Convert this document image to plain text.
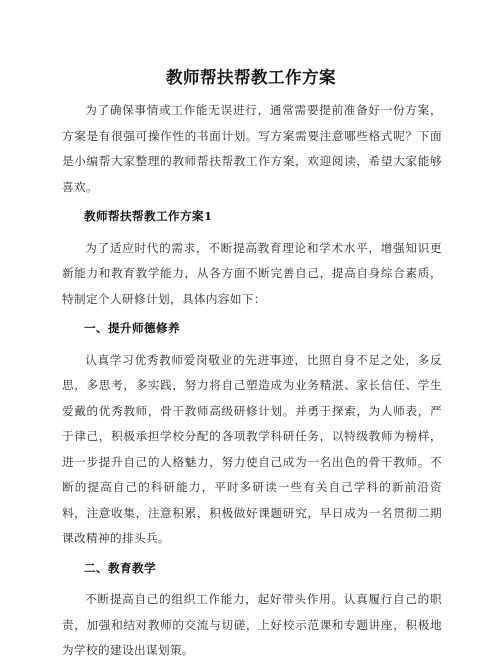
教师帮扶帮教工作方案

为了确保事情或工作能无误进行，通常需要提前准备好一份方案，方案是有很强可操作性的书面计划。写方案需要注意哪些格式呢？下面是小编帮大家整理的教师帮扶帮教工作方案，欢迎阅读，希望大家能够喜欢。

教师帮扶帮教工作方案1

为了适应时代的需求，不断提高教育理论和学术水平，增强知识更新能力和教育教学能力，从各方面不断完善自己，提高自身综合素质，特制定个人研修计划，具体内容如下：

一、提升师德修养

认真学习优秀教师爱岗敬业的先进事迹，比照自身不足之处，多反思，多思考，多实践，努力将自己塑造成为业务精湛、家长信任、学生爱戴的优秀教师，骨干教师高级研修计划。并勇于探索，为人师表，严于律己，积极承担学校分配的各项教学科研任务，以特级教师为榜样，进一步提升自己的人格魅力，努力使自己成为一名出色的骨干教师。不断的提高自己的科研能力，平时多研读一些有关自己学科的新前沿资料，注意收集，注意积累，积极做好课题研究，早日成为一名贯彻二期课改精神的排头兵。

二、教育教学

不断提高自己的组织工作能力，起好带头作用。认真履行自己的职责，加强和结对教师的交流与切磋，上好校示范课和专题讲座，积极地为学校的建设出谋划策。
